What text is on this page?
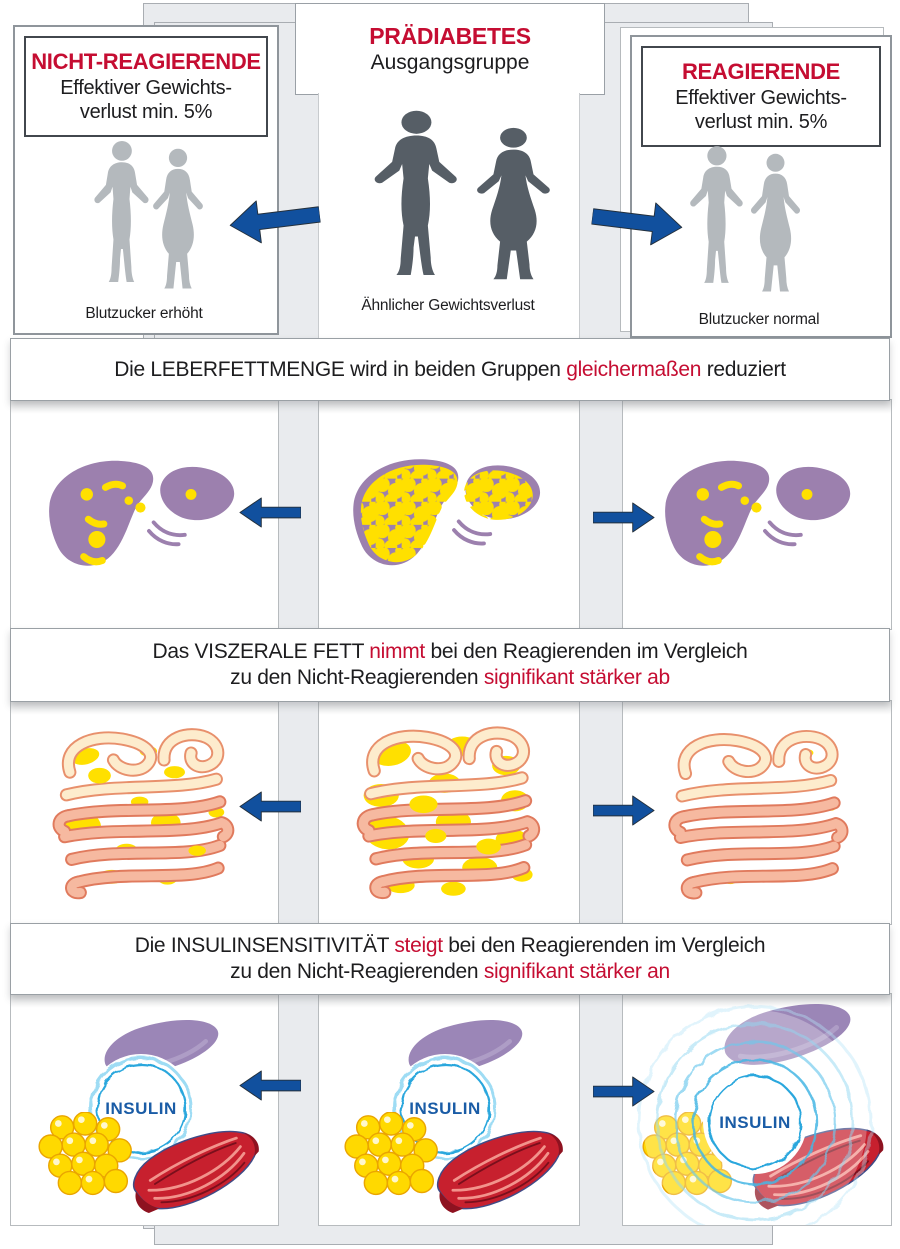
PRÄDIABETES
Ausgangsgruppe
Ähnlicher Gewichtsverlust
NICHT-REAGIERENDE
Effektiver Gewichts-
verlust min. 5%
Blutzucker erhöht
REAGIERENDE
Effektiver Gewichts-
verlust min. 5%
Blutzucker normal
Die LEBERFETTMENGE wird in beiden Gruppen gleichermaßen reduziert
Das VISZERALE FETT nimmt bei den Reagierenden im Vergleich
zu den Nicht-Reagierenden signifikant stärker ab
Die INSULINSENSITIVITÄT steigt bei den Reagierenden im Vergleich
zu den Nicht-Reagierenden signifikant stärker an
